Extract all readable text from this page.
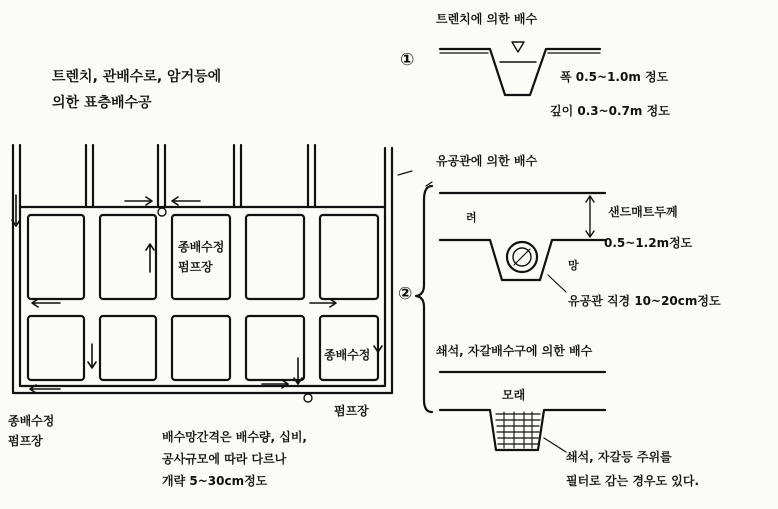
트렌치, 관배수로, 암거등에
의한 표층배수공
종배수정
펌프장
종배수정
펌프장
종배수정
펌프장
배수망간격은 배수량, 십비,
공사규모에 따라 다르나
개략 5~30cm정도
①
트렌치에 의한 배수
폭 0.5~1.0m 정도
깊이 0.3~0.7m 정도
유공관에 의한 배수
샌드매트두께
0.5~1.2m정도
려
망
유공관 직경 10~20cm정도
②
쇄석, 자갈배수구에 의한 배수
모래
쇄석, 자갈등 주위를
필터로 감는 경우도 있다.
